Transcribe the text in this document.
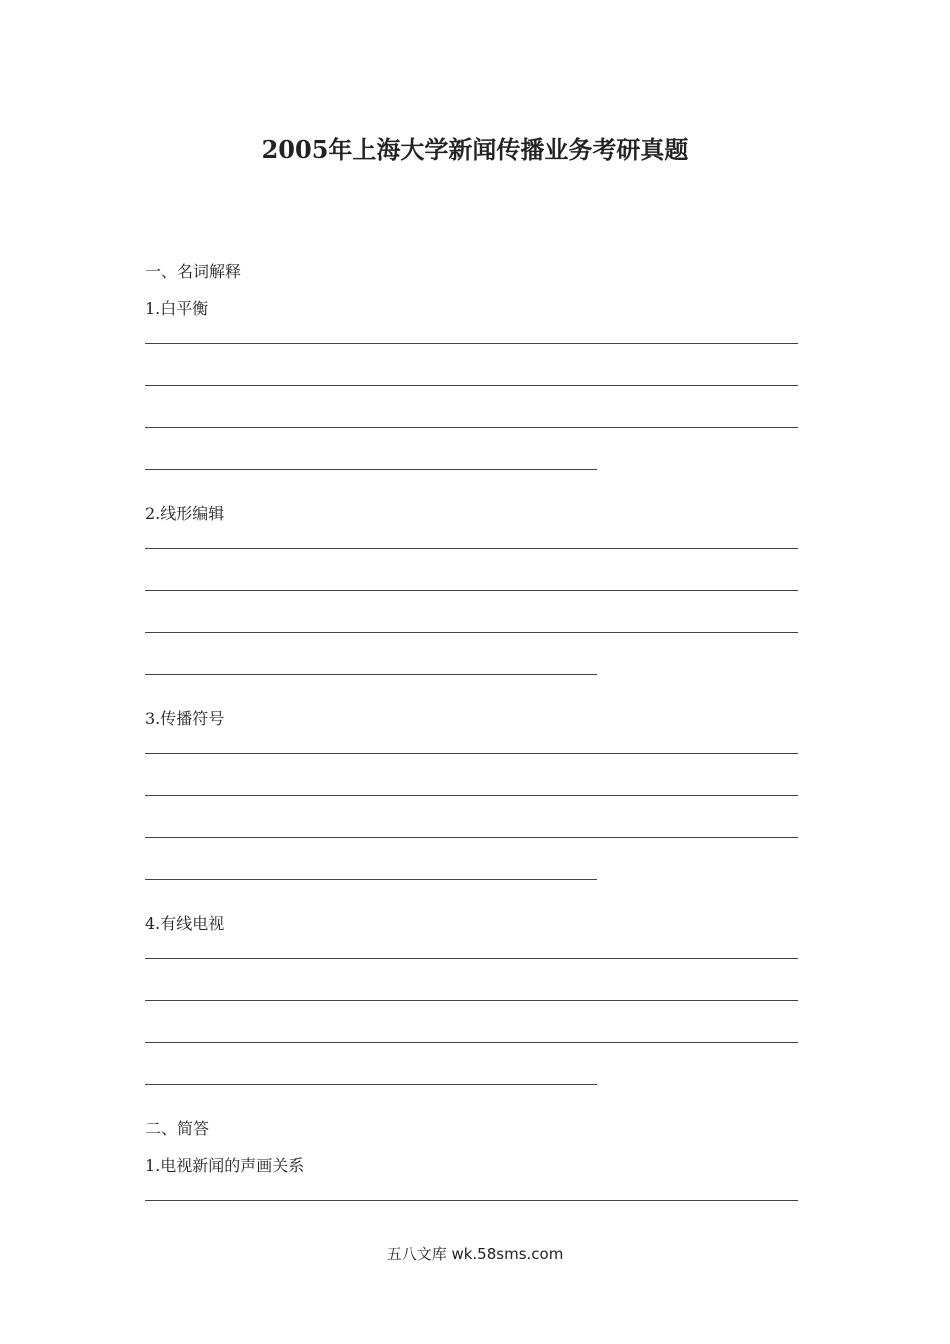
2005年上海大学新闻传播业务考研真题
一、名词解释
1.白平衡
2.线形编辑
3.传播符号
4.有线电视
二、简答
1.电视新闻的声画关系
五八文库 wk.58sms.com
